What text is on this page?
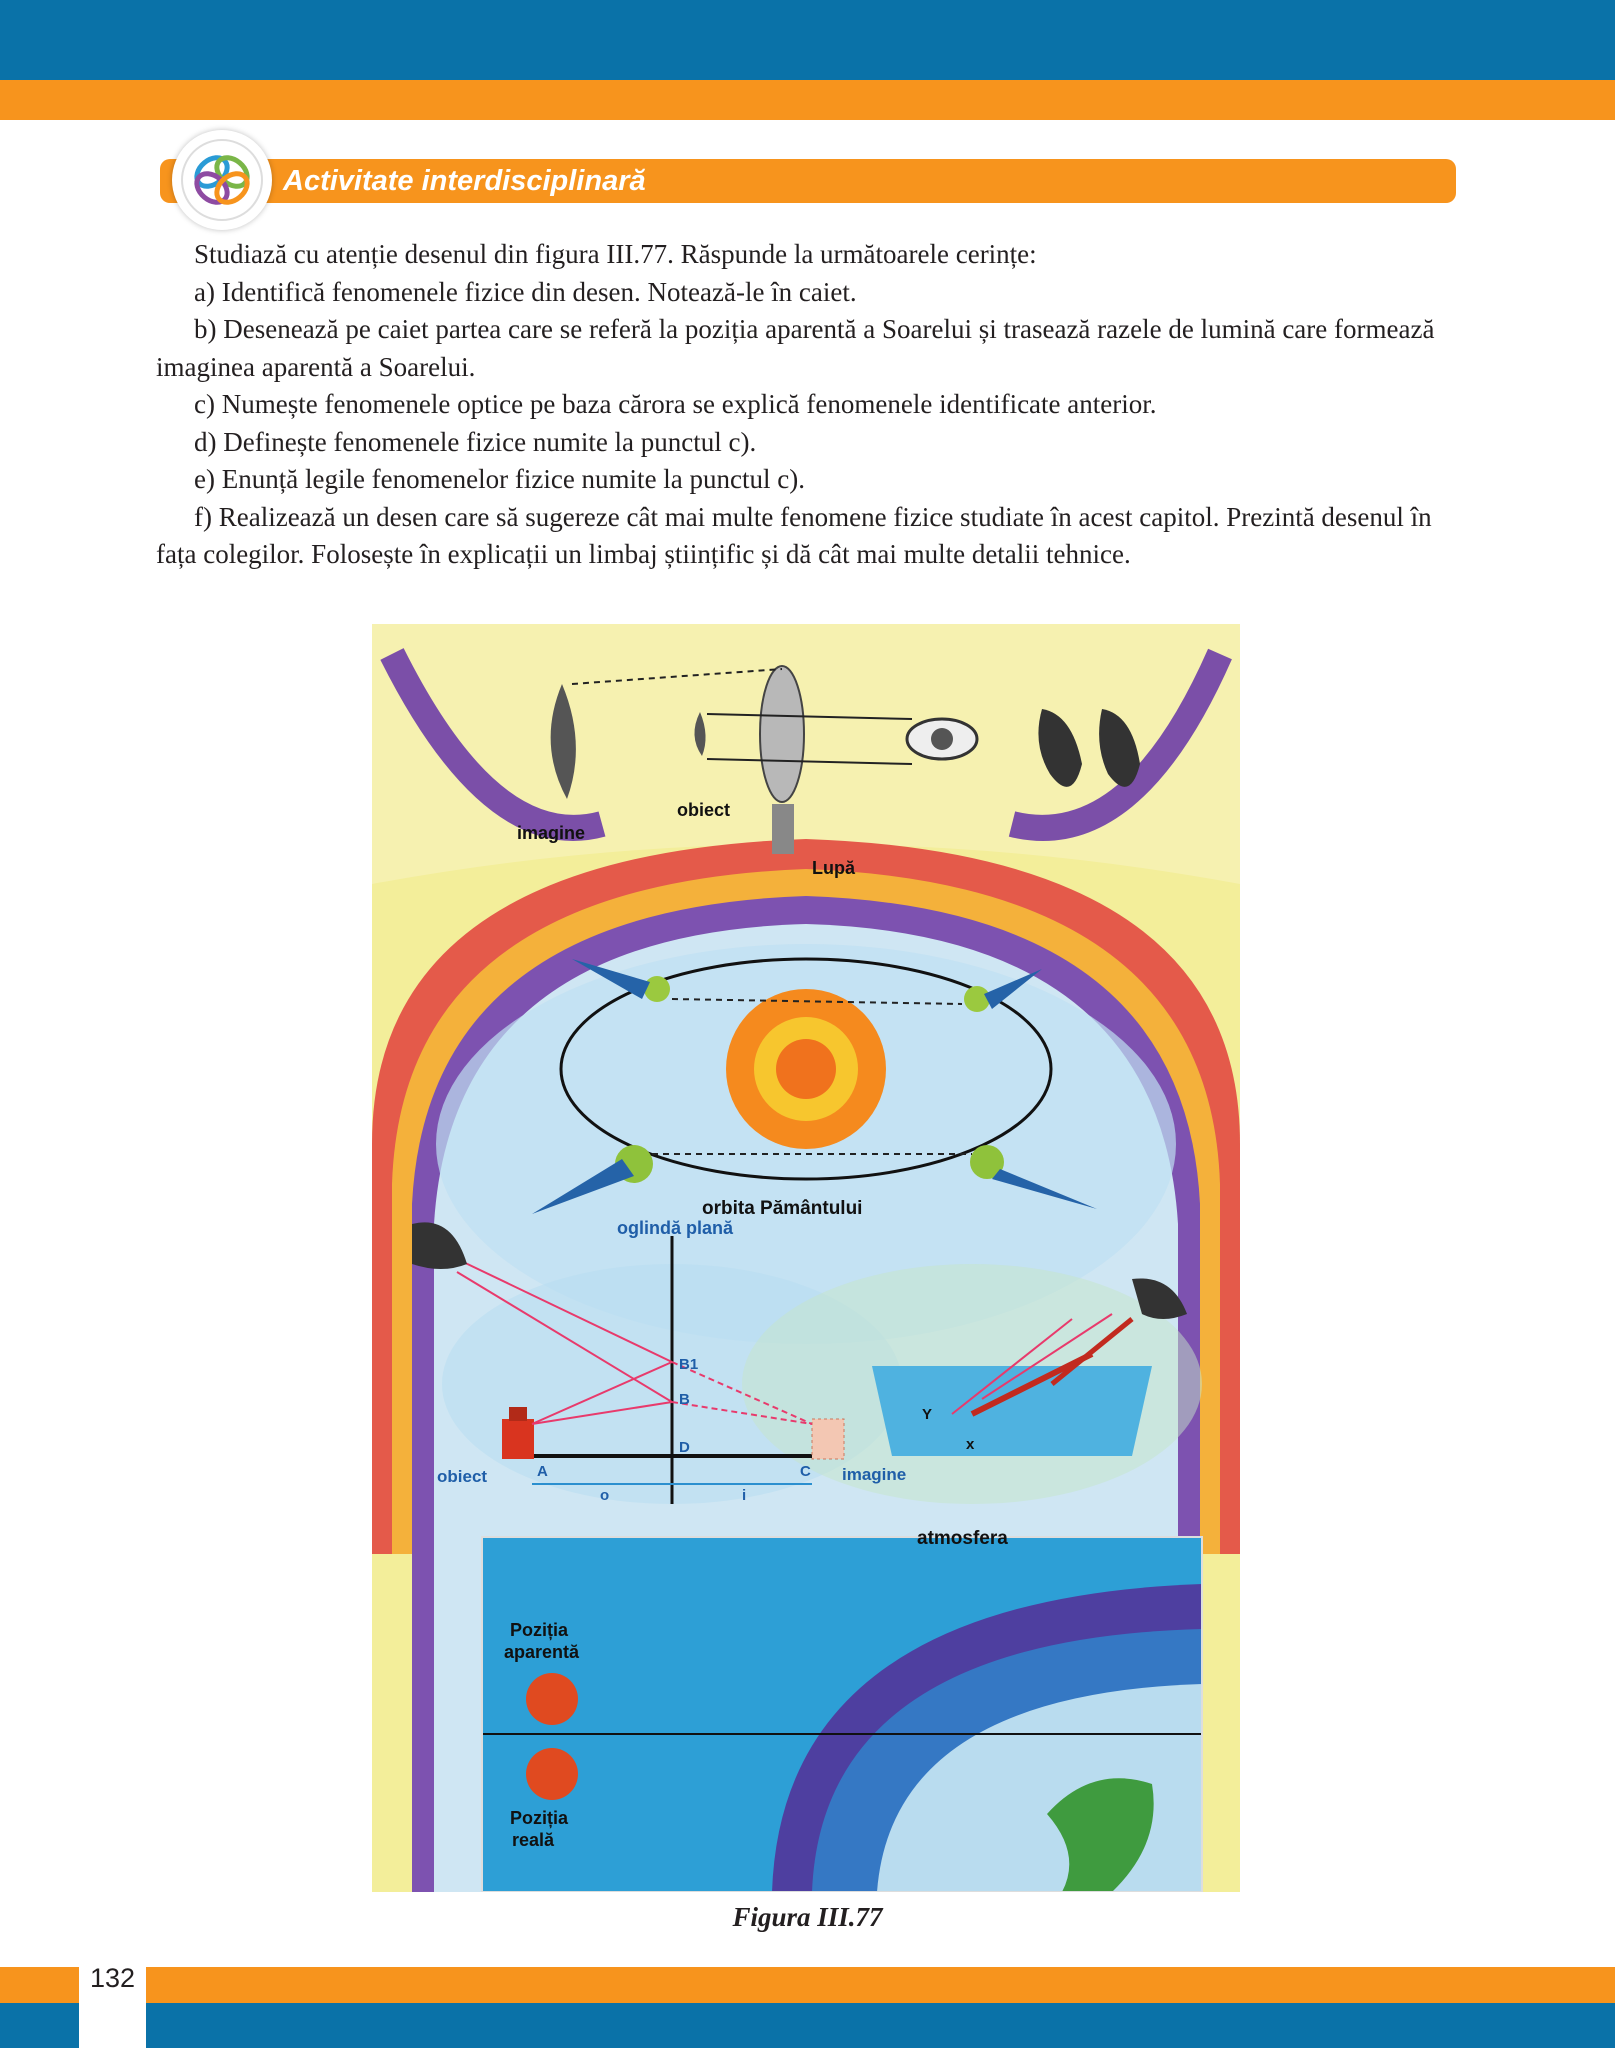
Activitate interdisciplinară

Studiază cu atenție desenul din figura III.77. Răspunde la următoarele cerințe:

a) Identifică fenomenele fizice din desen. Notează-le în caiet.

b) Desenează pe caiet partea care se referă la poziția aparentă a Soarelui și trasează razele de lumină care formează imaginea aparentă a Soarelui.

c) Numește fenomenele optice pe baza cărora se explică fenomenele identificate anterior.

d) Definește fenomenele fizice numite la punctul c).

e) Enunță legile fenomenelor fizice numite la punctul c).

f) Realizează un desen care să sugereze cât mai multe fenomene fizice studiate în acest capitol. Prezintă desenul în fața colegilor. Folosește în explicații un limbaj științific și dă cât mai multe detalii tehnice.

imagine
obiect
Lupă
orbita Pământului
oglindă plană
B1
B
D
A	C
obiect	imagine
o	i
Y
x
atmosfera
Poziția
aparentă
Poziția
reală
Figura III.77
132
